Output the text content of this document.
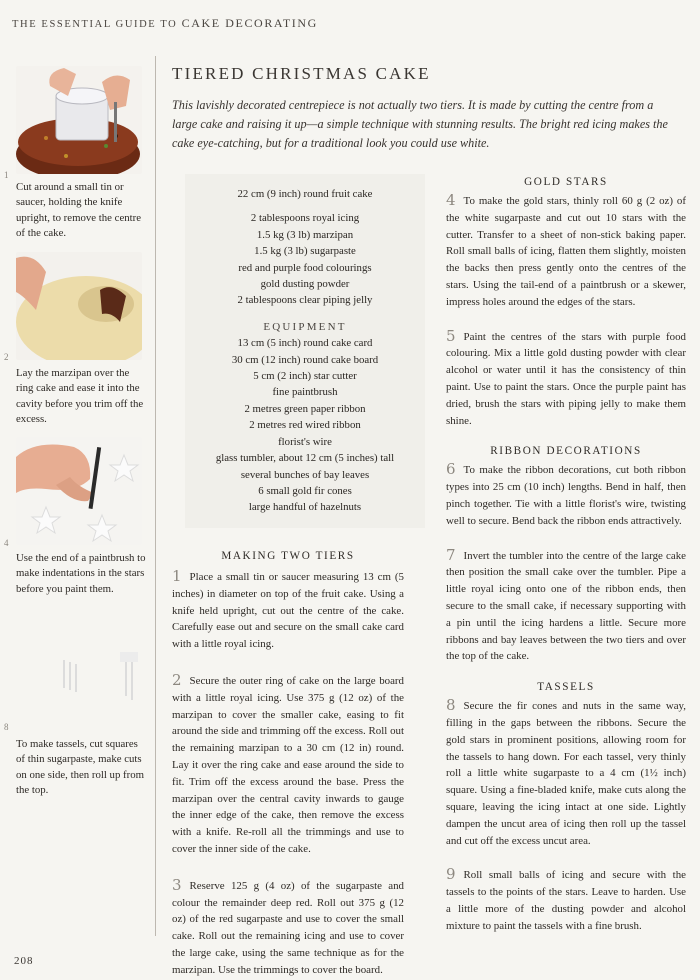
THE ESSENTIAL GUIDE TO CAKE DECORATING
1
Cut around a small tin or saucer, holding the knife upright, to remove the centre of the cake.
2
Lay the marzipan over the ring cake and ease it into the cavity before you trim off the excess.
4
Use the end of a paintbrush to make indentations in the stars before you paint them.
8
To make tassels, cut squares of thin sugarpaste, make cuts on one side, then roll up from the top.
TIERED CHRISTMAS CAKE
This lavishly decorated centrepiece is not actually two tiers. It is made by cutting the centre from a large cake and raising it up—a simple technique with stunning results. The bright red icing makes the cake eye-catching, but for a traditional look you could use white.
22 cm (9 inch) round fruit cake
2 tablespoons royal icing
1.5 kg (3 lb) marzipan
1.5 kg (3 lb) sugarpaste
red and purple food colourings
gold dusting powder
2 tablespoons clear piping jelly
EQUIPMENT
13 cm (5 inch) round cake card
30 cm (12 inch) round cake board
5 cm (2 inch) star cutter
fine paintbrush
2 metres green paper ribbon
2 metres red wired ribbon
florist's wire
glass tumbler, about 12 cm (5 inches) tall
several bunches of bay leaves
6 small gold fir cones
large handful of hazelnuts
MAKING TWO TIERS
1 Place a small tin or saucer measuring 13 cm (5 inches) in diameter on top of the fruit cake. Using a knife held upright, cut out the centre of the cake. Carefully ease out and secure on the small cake card with a little royal icing.
2 Secure the outer ring of cake on the large board with a little royal icing. Use 375 g (12 oz) of the marzipan to cover the smaller cake, easing to fit around the side and trimming off the excess. Roll out the remaining marzipan to a 30 cm (12 in) round. Lay it over the ring cake and ease around the side to fit. Trim off the excess around the base. Press the marzipan over the central cavity inwards to gauge the inner edge of the cake, then remove the excess with a knife. Re-roll all the trimmings and use to cover the inner side of the cake.
3 Reserve 125 g (4 oz) of the sugarpaste and colour the remainder deep red. Roll out 375 g (12 oz) of the red sugarpaste and use to cover the small cake. Roll out the remaining icing and use to cover the large cake, using the same technique as for the marzipan. Use the trimmings to cover the board.
GOLD STARS
4 To make the gold stars, thinly roll 60 g (2 oz) of the white sugarpaste and cut out 10 stars with the cutter. Transfer to a sheet of non-stick baking paper. Roll small balls of icing, flatten them slightly, moisten the backs then press gently onto the centres of the stars. Using the tail-end of a paintbrush or a skewer, impress holes around the edges of the stars.
5 Paint the centres of the stars with purple food colouring. Mix a little gold dusting powder with clear alcohol or water until it has the consistency of thin paint. Use to paint the stars. Once the purple paint has dried, brush the stars with piping jelly to make them shine.
RIBBON DECORATIONS
6 To make the ribbon decorations, cut both ribbon types into 25 cm (10 inch) lengths. Bend in half, then pinch together. Tie with a little florist's wire, twisting well to secure. Bend back the ribbon ends attractively.
7 Invert the tumbler into the centre of the large cake then position the small cake over the tumbler. Pipe a little royal icing onto one of the ribbon ends, then secure to the small cake, if necessary supporting with a pin until the icing hardens a little. Secure more ribbons and bay leaves between the two tiers and over the top of the cake.
TASSELS
8 Secure the fir cones and nuts in the same way, filling in the gaps between the ribbons. Secure the gold stars in prominent positions, allowing room for the tassels to hang down. For each tassel, very thinly roll a little white sugarpaste to a 4 cm (1½ inch) square. Using a fine-bladed knife, make cuts along the square, leaving the icing intact at one side. Lightly dampen the uncut area of icing then roll up the tassel and cut off the excess uncut area.
9 Roll small balls of icing and secure with the tassels to the points of the stars. Leave to harden. Use a little more of the dusting powder and alcohol mixture to paint the tassels with a fine brush.
208
